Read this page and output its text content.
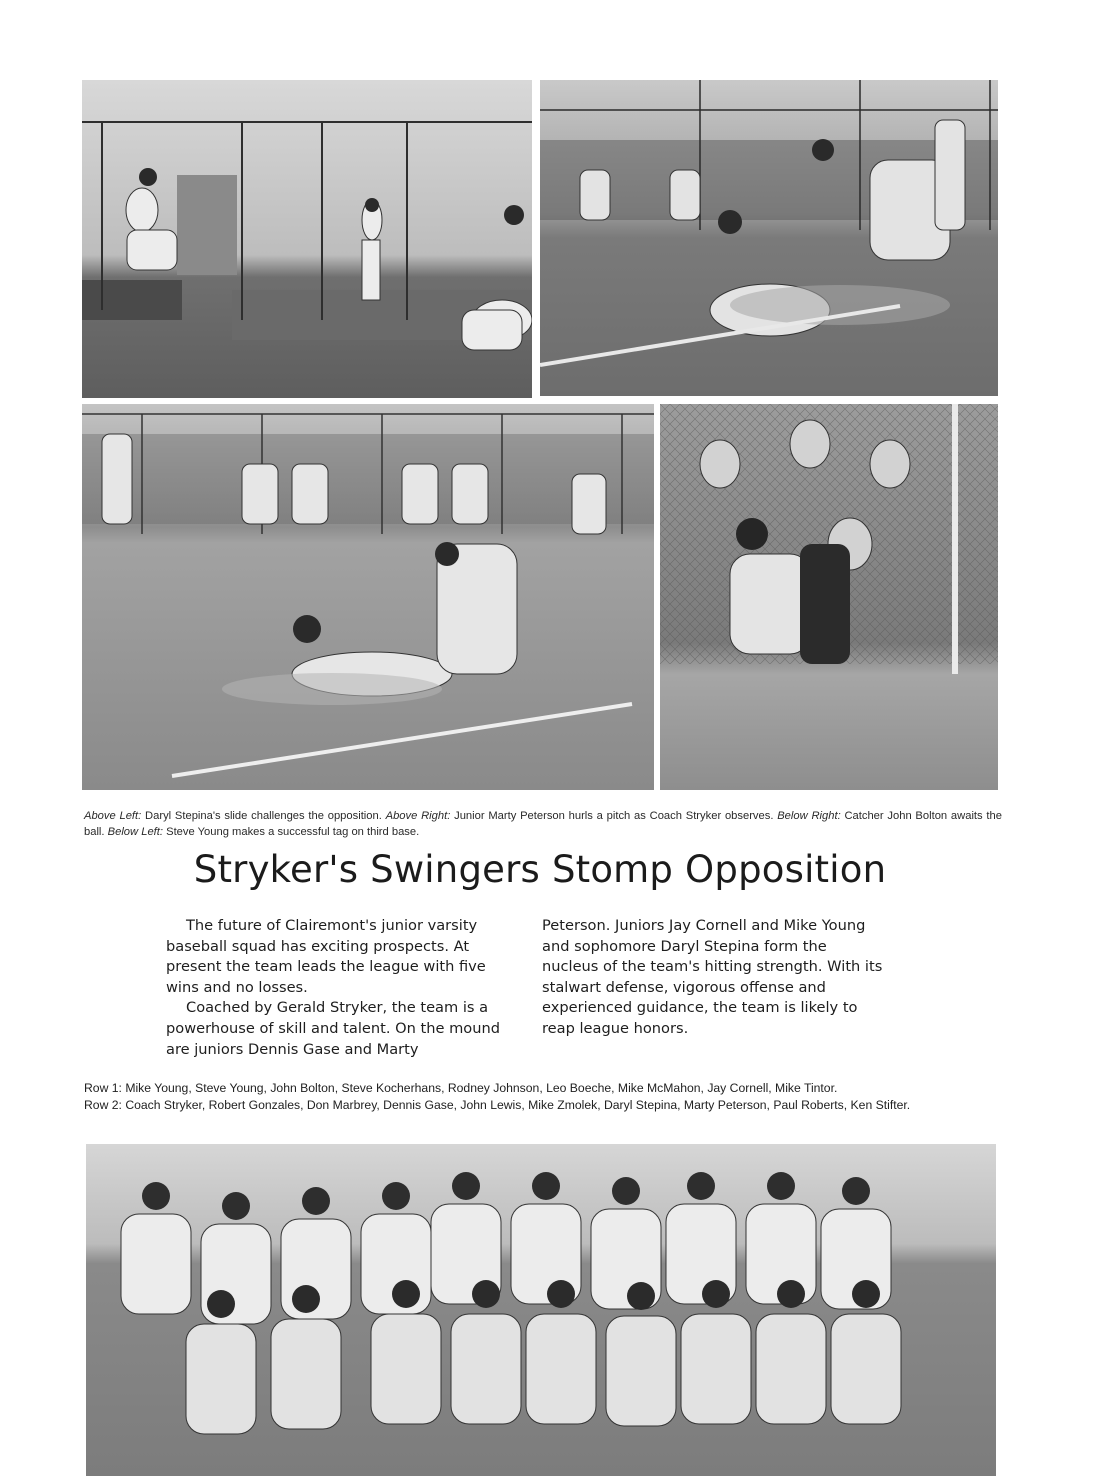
Above Left: Daryl Stepina's slide challenges the opposition. Above Right: Junior Marty Peterson hurls a pitch as Coach Stryker observes. Below Right: Catcher John Bolton awaits the ball. Below Left: Steve Young makes a successful tag on third base.

Stryker's Swingers Stomp Opposition

The future of Clairemont's junior varsity baseball squad has exciting prospects. At present the team leads the league with five wins and no losses.

Coached by Gerald Stryker, the team is a powerhouse of skill and talent. On the mound are juniors Dennis Gase and Marty

Peterson. Juniors Jay Cornell and Mike Young and sophomore Daryl Stepina form the nucleus of the team's hitting strength. With its stalwart defense, vigorous offense and experienced guidance, the team is likely to reap league honors.

Row 1: Mike Young, Steve Young, John Bolton, Steve Kocherhans, Rodney Johnson, Leo Boeche, Mike McMahon, Jay Cornell, Mike Tintor.

Row 2: Coach Stryker, Robert Gonzales, Don Marbrey, Dennis Gase, John Lewis, Mike Zmolek, Daryl Stepina, Marty Peterson, Paul Roberts, Ken Stifter.
